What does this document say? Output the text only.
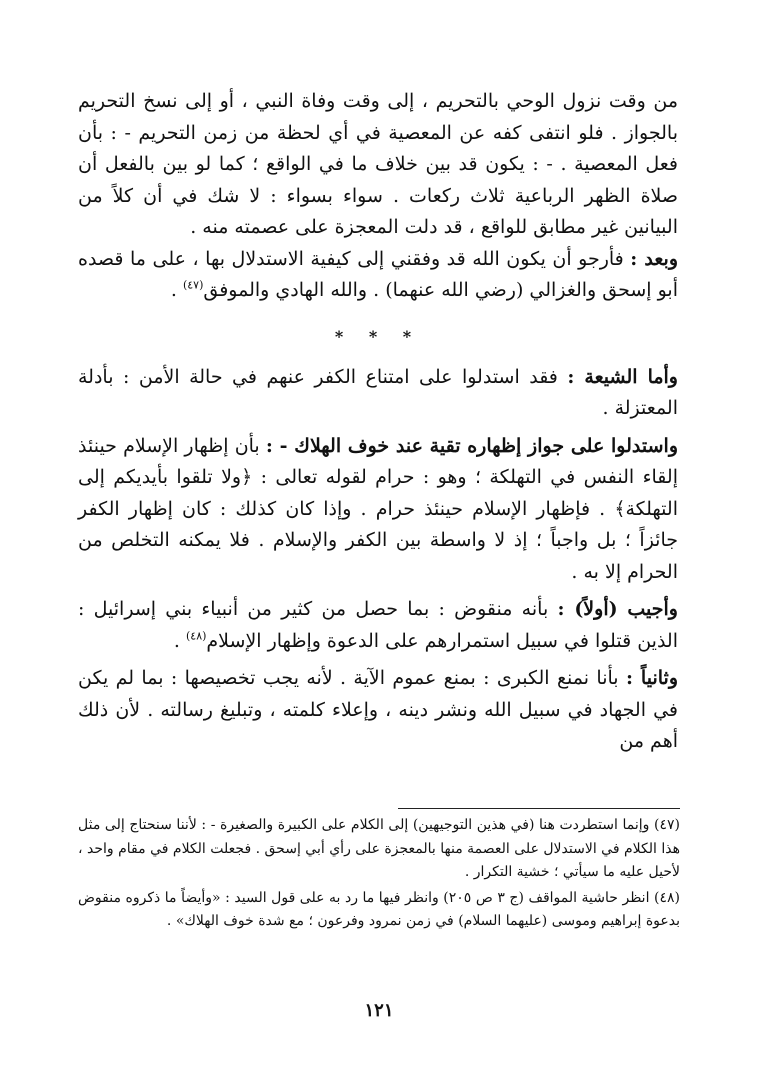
من وقت نزول الوحي بالتحريم ، إلى وقت وفاة النبي ، أو إلى نسخ التحريم بالجواز . فلو انتفى كفه عن المعصية في أي لحظة من زمن التحريم - : بأن فعل المعصية . - : يكون قد بين خلاف ما في الواقع ؛ كما لو بين بالفعل أن صلاة الظهر الرباعية ثلاث ركعات . سواء بسواء : لا شك في أن كلاً من البيانين غير مطابق للواقع ، قد دلت المعجزة على عصمته منه .

وبعد : فأرجو أن يكون الله قد وفقني إلى كيفية الاستدلال بها ، على ما قصده أبو إسحق والغزالي (رضي الله عنهما) . والله الهادي والموفق$^{(٤٧)}$ .

* * *

وأما الشيعة : فقد استدلوا على امتناع الكفر عنهم في حالة الأمن : بأدلة المعتزلة .

واستدلوا على جواز إظهاره تقية عند خوف الهلاك - : بأن إظهار الإسلام حينئذ إلقاء النفس في التهلكة ؛ وهو : حرام لقوله تعالى : ﴿ولا تلقوا بأيديكم إلى التهلكة﴾ . فإظهار الإسلام حينئذ حرام . وإذا كان كذلك : كان إظهار الكفر جائزاً ؛ بل واجباً ؛ إذ لا واسطة بين الكفر والإسلام . فلا يمكنه التخلص من الحرام إلا به .

وأجيب (أولاً) : بأنه منقوض : بما حصل من كثير من أنبياء بني إسرائيل : الذين قتلوا في سبيل استمرارهم على الدعوة وإظهار الإسلام$^{(٤٨)}$ .

وثانياً : بأنا نمنع الكبرى : بمنع عموم الآية . لأنه يجب تخصيصها : بما لم يكن في الجهاد في سبيل الله ونشر دينه ، وإعلاء كلمته ، وتبليغ رسالته . لأن ذلك أهم من

(٤٧) وإنما استطردت هنا (في هذين التوجيهين) إلى الكلام على الكبيرة والصغيرة - : لأننا سنحتاج إلى مثل هذا الكلام في الاستدلال على العصمة منها بالمعجزة على رأي أبي إسحق . فجعلت الكلام في مقام واحد ، لأحيل عليه ما سيأتي ؛ خشية التكرار .

(٤٨) انظر حاشية المواقف (ج ٣ ص ٢٠٥) وانظر فيها ما رد به على قول السيد : «وأيضاً ما ذكروه منقوض بدعوة إبراهيم وموسى (عليهما السلام) في زمن نمرود وفرعون ؛ مع شدة خوف الهلاك» .

١٢١
